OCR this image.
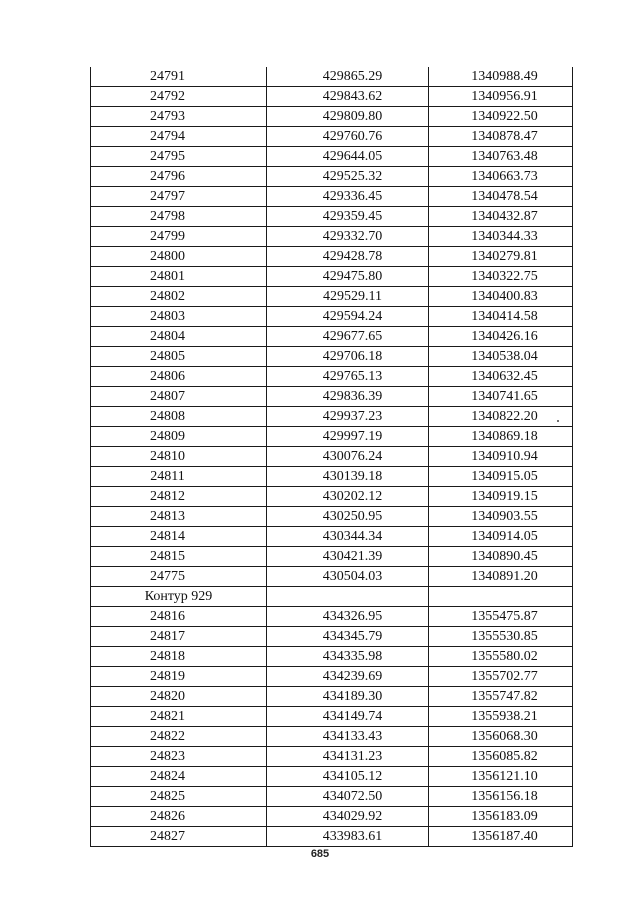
24791	429865.29	1340988.49
24792	429843.62	1340956.91
24793	429809.80	1340922.50
24794	429760.76	1340878.47
24795	429644.05	1340763.48
24796	429525.32	1340663.73
24797	429336.45	1340478.54
24798	429359.45	1340432.87
24799	429332.70	1340344.33
24800	429428.78	1340279.81
24801	429475.80	1340322.75
24802	429529.11	1340400.83
24803	429594.24	1340414.58
24804	429677.65	1340426.16
24805	429706.18	1340538.04
24806	429765.13	1340632.45
24807	429836.39	1340741.65
24808	429937.23	1340822.20
24809	429997.19	1340869.18
24810	430076.24	1340910.94
24811	430139.18	1340915.05
24812	430202.12	1340919.15
24813	430250.95	1340903.55
24814	430344.34	1340914.05
24815	430421.39	1340890.45
24775	430504.03	1340891.20
Контур 929		
24816	434326.95	1355475.87
24817	434345.79	1355530.85
24818	434335.98	1355580.02
24819	434239.69	1355702.77
24820	434189.30	1355747.82
24821	434149.74	1355938.21
24822	434133.43	1356068.30
24823	434131.23	1356085.82
24824	434105.12	1356121.10
24825	434072.50	1356156.18
24826	434029.92	1356183.09
24827	433983.61	1356187.40
685
